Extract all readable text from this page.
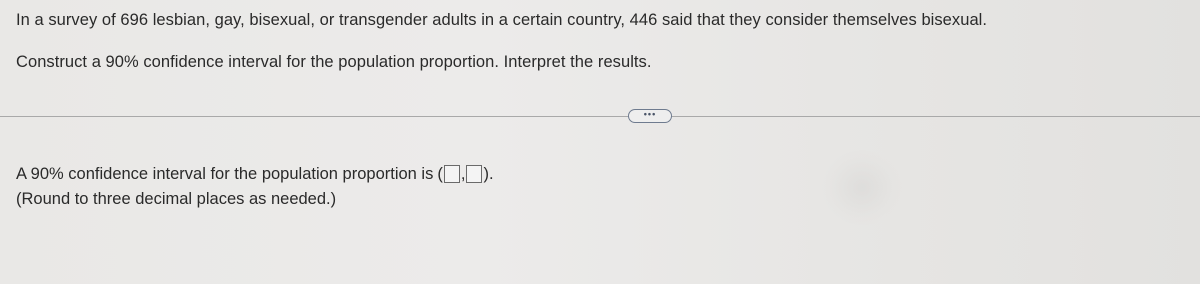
In a survey of 696 lesbian, gay, bisexual, or transgender adults in a certain country, 446 said that they consider themselves bisexual.
Construct a 90% confidence interval for the population proportion. Interpret the results.
•••
A 90% confidence interval for the population proportion is ( , ).
(Round to three decimal places as needed.)
